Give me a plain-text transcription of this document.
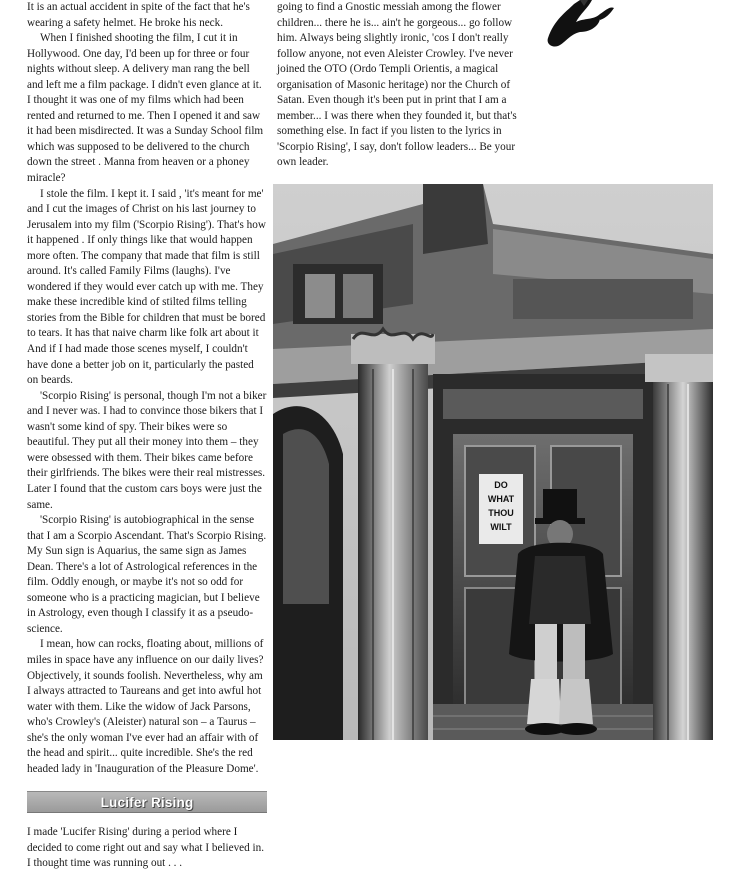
It is an actual accident in spite of the fact that he's wearing a safety helmet. He broke his neck.

When I finished shooting the film, I cut it in Hollywood. One day, I'd been up for three or four nights without sleep. A delivery man rang the bell and left me a film package. I didn't even glance at it. I thought it was one of my films which had been rented and returned to me. Then I opened it and saw it had been misdirected. It was a Sunday School film which was supposed to be delivered to the church down the street . Manna from heaven or a phoney miracle?

I stole the film. I kept it. I said , 'it's meant for me' and I cut the images of Christ on his last journey to Jerusalem into my film ('Scorpio Rising'). That's how it happened . If only things like that would happen more often. The company that made that film is still around. It's called Family Films (laughs). I've wondered if they would ever catch up with me. They make these incredible kind of stilted films telling stories from the Bible for children that must be bored to tears. It has that naive charm like folk art about it And if I had made those scenes myself, I couldn't have done a better job on it, particularly the pasted on beards.

'Scorpio Rising' is personal, though I'm not a biker and I never was. I had to convince those bikers that I wasn't some kind of spy. Their bikes were so beautiful. They put all their money into them – they were obsessed with them. Their bikes came before their girlfriends. The bikes were their real mistresses. Later I found that the custom cars boys were just the same.

'Scorpio Rising' is autobiographical in the sense that I am a Scorpio Ascendant. That's Scorpio Rising. My Sun sign is Aquarius, the same sign as James Dean. There's a lot of Astrological references in the film. Oddly enough, or maybe it's not so odd for someone who is a practicing magician, but I believe in Astrology, even though I classify it as a pseudo-science.

I mean, how can rocks, floating about, millions of miles in space have any influence on our daily lives? Objectively, it sounds foolish. Nevertheless, why am I always attracted to Taureans and get into awful hot water with them. Like the widow of Jack Parsons, who's Crowley's (Aleister) natural son – a Taurus – she's the only woman I've ever had an affair with of the head and spirit... quite incredible. She's the red headed lady in 'Inauguration of the Pleasure Dome'.

Lucifer Rising

I made 'Lucifer Rising' during a period where I decided to come right out and say what I believed in. I thought time was running out . . .

going to find a Gnostic messiah among the flower children... there he is... ain't he gorgeous... go follow him. Always being slightly ironic, 'cos I don't really follow anyone, not even Aleister Crowley. I've never joined the OTO (Ordo Templi Orientis, a magical organisation of Masonic heritage) nor the Church of Satan. Even though it's been put in print that I am a member... I was there when they founded it, but that's something else. In fact if you listen to the lyrics in 'Scorpio Rising', I say, don't follow leaders... Be your own leader.

DO
WHAT
THOU
WILT
